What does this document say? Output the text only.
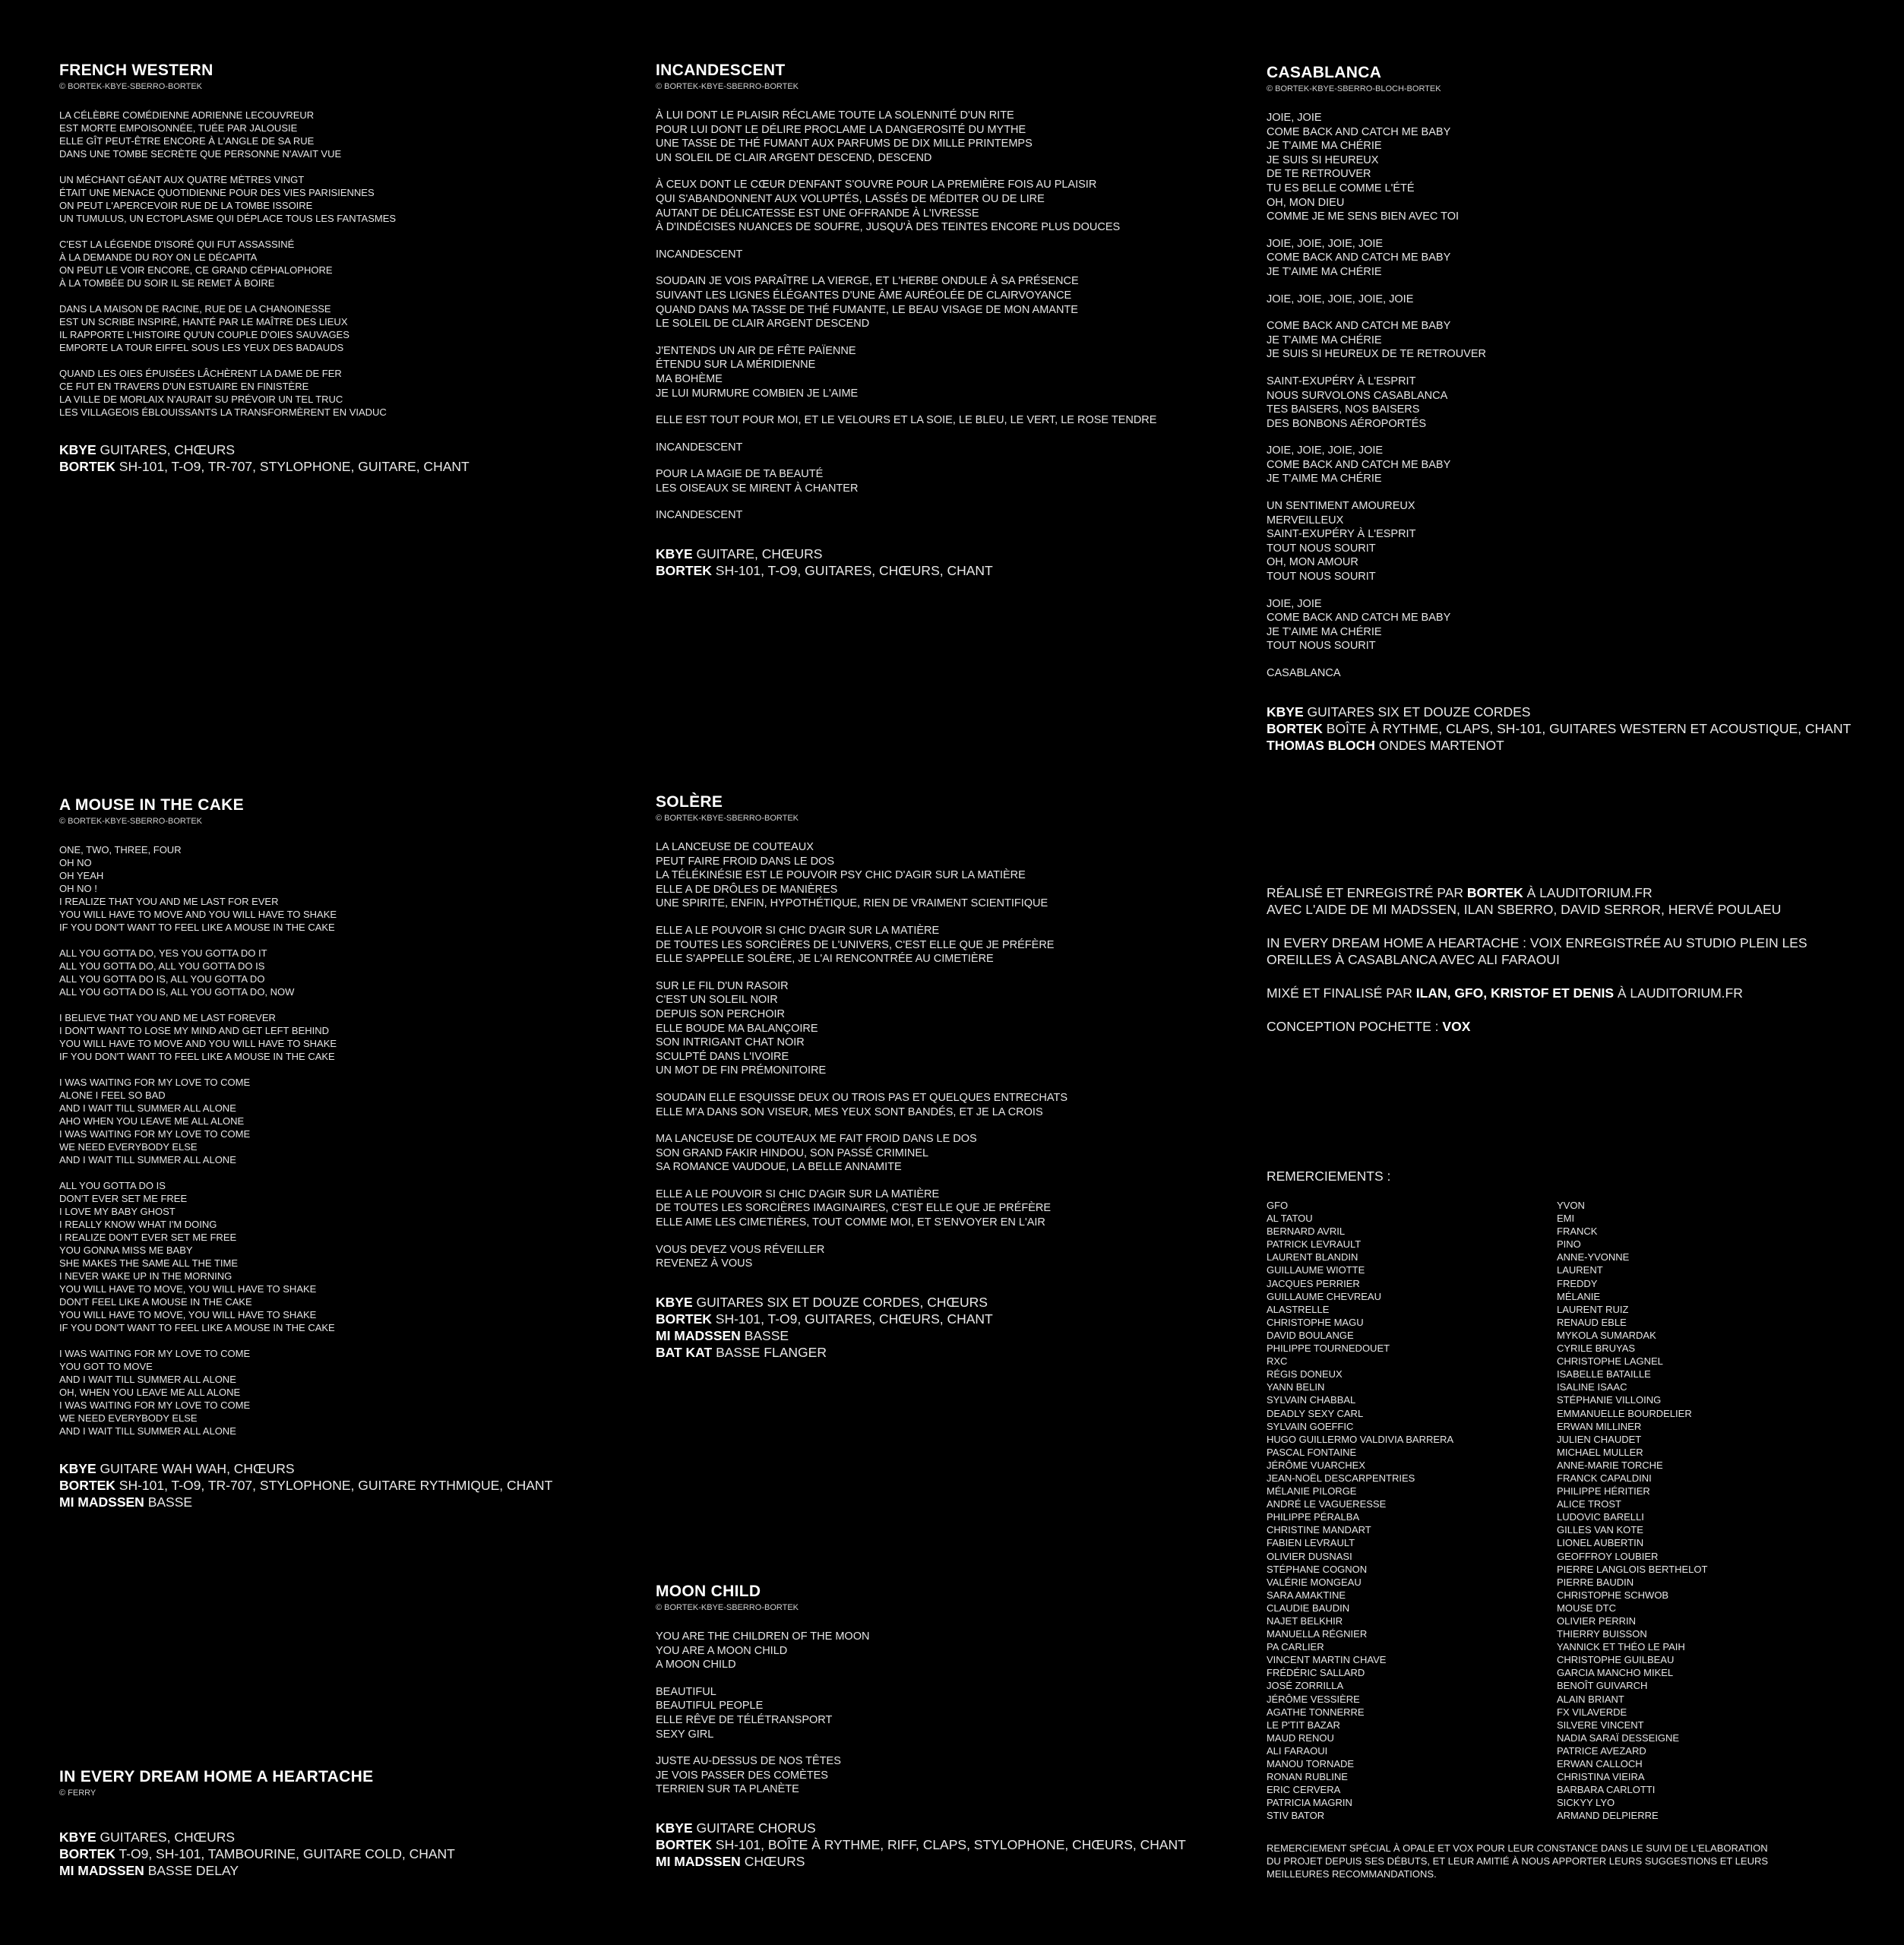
FRENCH WESTERN
© BORTEK-KBYE-SBERRO-BORTEK
LA CÉLÈBRE COMÉDIENNE ADRIENNE LECOUVREUR
EST MORTE EMPOISONNÉE, TUÉE PAR JALOUSIE
ELLE GÎT PEUT-ÊTRE ENCORE À L'ANGLE DE SA RUE
DANS UNE TOMBE SECRÈTE QUE PERSONNE N'AVAIT VUE
UN MÉCHANT GÉANT AUX QUATRE MÈTRES VINGT
ÉTAIT UNE MENACE QUOTIDIENNE POUR DES VIES PARISIENNES
ON PEUT L'APERCEVOIR RUE DE LA TOMBE ISSOIRE
UN TUMULUS, UN ECTOPLASME QUI DÉPLACE TOUS LES FANTASMES
C'EST LA LÉGENDE D'ISORÉ QUI FUT ASSASSINÉ
À LA DEMANDE DU ROY ON LE DÉCAPITA
ON PEUT LE VOIR ENCORE, CE GRAND CÉPHALOPHORE
À LA TOMBÉE DU SOIR IL SE REMET À BOIRE
DANS LA MAISON DE RACINE, RUE DE LA CHANOINESSE
EST UN SCRIBE INSPIRÉ, HANTÉ PAR LE MAÎTRE DES LIEUX
IL RAPPORTE L'HISTOIRE QU'UN COUPLE D'OIES SAUVAGES
EMPORTE LA TOUR EIFFEL SOUS LES YEUX DES BADAUDS
QUAND LES OIES ÉPUISÉES LÂCHÈRENT LA DAME DE FER
CE FUT EN TRAVERS D'UN ESTUAIRE EN FINISTÈRE
LA VILLE DE MORLAIX N'AURAIT SU PRÉVOIR UN TEL TRUC
LES VILLAGEOIS ÉBLOUISSANTS LA TRANSFORMÈRENT EN VIADUC
KBYE GUITARES, CHŒURS
BORTEK SH-101, T-O9, TR-707, STYLOPHONE, GUITARE, CHANT
INCANDESCENT
© BORTEK-KBYE-SBERRO-BORTEK
À LUI DONT LE PLAISIR RÉCLAME TOUTE LA SOLENNITÉ D'UN RITE
POUR LUI DONT LE DÉLIRE PROCLAME LA DANGEROSITÉ DU MYTHE
UNE TASSE DE THÉ FUMANT AUX PARFUMS DE DIX MILLE PRINTEMPS
UN SOLEIL DE CLAIR ARGENT DESCEND, DESCEND
À CEUX DONT LE CŒUR D'ENFANT S'OUVRE POUR LA PREMIÈRE FOIS AU PLAISIR
QUI S'ABANDONNENT AUX VOLUPTÉS, LASSÉS DE MÉDITER OU DE LIRE
AUTANT DE DÉLICATESSE EST UNE OFFRANDE À L'IVRESSE
À D'INDÉCISES NUANCES DE SOUFRE, JUSQU'À DES TEINTES ENCORE PLUS DOUCES
INCANDESCENT
SOUDAIN JE VOIS PARAÎTRE LA VIERGE, ET L'HERBE ONDULE À SA PRÉSENCE
SUIVANT LES LIGNES ÉLÉGANTES D'UNE ÂME AURÉOLÉE DE CLAIRVOYANCE
QUAND DANS MA TASSE DE THÉ FUMANTE, LE BEAU VISAGE DE MON AMANTE
LE SOLEIL DE CLAIR ARGENT DESCEND
J'ENTENDS UN AIR DE FÊTE PAÏENNE
ÉTENDU SUR LA MÉRIDIENNE
MA BOHÈME
JE LUI MURMURE COMBIEN JE L'AIME
ELLE EST TOUT POUR MOI, ET LE VELOURS ET LA SOIE, LE BLEU, LE VERT, LE ROSE TENDRE
INCANDESCENT
POUR LA MAGIE DE TA BEAUTÉ
LES OISEAUX SE MIRENT À CHANTER
INCANDESCENT
KBYE GUITARE, CHŒURS
BORTEK SH-101, T-O9, GUITARES, CHŒURS, CHANT
CASABLANCA
© BORTEK-KBYE-SBERRO-BLOCH-BORTEK
JOIE, JOIE
COME BACK AND CATCH ME BABY
JE T'AIME MA CHÉRIE
JE SUIS SI HEUREUX
DE TE RETROUVER
TU ES BELLE COMME L'ÉTÉ
OH, MON DIEU
COMME JE ME SENS BIEN AVEC TOI
JOIE, JOIE, JOIE, JOIE
COME BACK AND CATCH ME BABY
JE T'AIME MA CHÉRIE
JOIE, JOIE, JOIE, JOIE, JOIE
COME BACK AND CATCH ME BABY
JE T'AIME MA CHÉRIE
JE SUIS SI HEUREUX DE TE RETROUVER
SAINT-EXUPÉRY À L'ESPRIT
NOUS SURVOLONS CASABLANCA
TES BAISERS, NOS BAISERS
DES BONBONS AÉROPORTÉS
JOIE, JOIE, JOIE, JOIE
COME BACK AND CATCH ME BABY
JE T'AIME MA CHÉRIE
UN SENTIMENT AMOUREUX
MERVEILLEUX
SAINT-EXUPÉRY À L'ESPRIT
TOUT NOUS SOURIT
OH, MON AMOUR
TOUT NOUS SOURIT
JOIE, JOIE
COME BACK AND CATCH ME BABY
JE T'AIME MA CHÉRIE
TOUT NOUS SOURIT
CASABLANCA
KBYE GUITARES SIX ET DOUZE CORDES
BORTEK BOÎTE À RYTHME, CLAPS, SH-101, GUITARES WESTERN ET ACOUSTIQUE, CHANT
THOMAS BLOCH ONDES MARTENOT
A MOUSE IN THE CAKE
© BORTEK-KBYE-SBERRO-BORTEK
ONE, TWO, THREE, FOUR
OH NO
OH YEAH
OH NO !
I REALIZE THAT YOU AND ME LAST FOR EVER
YOU WILL HAVE TO MOVE AND YOU WILL HAVE TO SHAKE
IF YOU DON'T WANT TO FEEL LIKE A MOUSE IN THE CAKE
ALL YOU GOTTA DO, YES YOU GOTTA DO IT
ALL YOU GOTTA DO, ALL YOU GOTTA DO IS
ALL YOU GOTTA DO IS, ALL YOU GOTTA DO
ALL YOU GOTTA DO IS, ALL YOU GOTTA DO, NOW
I BELIEVE THAT YOU AND ME LAST FOREVER
I DON'T WANT TO LOSE MY MIND AND GET LEFT BEHIND
YOU WILL HAVE TO MOVE AND YOU WILL HAVE TO SHAKE
IF YOU DON'T WANT TO FEEL LIKE A MOUSE IN THE CAKE
I WAS WAITING FOR MY LOVE TO COME
ALONE I FEEL SO BAD
AND I WAIT TILL SUMMER ALL ALONE
AHO WHEN YOU LEAVE ME ALL ALONE
I WAS WAITING FOR MY LOVE TO COME
WE NEED EVERYBODY ELSE
AND I WAIT TILL SUMMER ALL ALONE
ALL YOU GOTTA DO IS
DON'T EVER SET ME FREE
I LOVE MY BABY GHOST
I REALLY KNOW WHAT I'M DOING
I REALIZE DON'T EVER SET ME FREE
YOU GONNA MISS ME BABY
SHE MAKES THE SAME ALL THE TIME
I NEVER WAKE UP IN THE MORNING
YOU WILL HAVE TO MOVE, YOU WILL HAVE TO SHAKE
DON'T FEEL LIKE A MOUSE IN THE CAKE
YOU WILL HAVE TO MOVE, YOU WILL HAVE TO SHAKE
IF YOU DON'T WANT TO FEEL LIKE A MOUSE IN THE CAKE
I WAS WAITING FOR MY LOVE TO COME
YOU GOT TO MOVE
AND I WAIT TILL SUMMER ALL ALONE
OH, WHEN YOU LEAVE ME ALL ALONE
I WAS WAITING FOR MY LOVE TO COME
WE NEED EVERYBODY ELSE
AND I WAIT TILL SUMMER ALL ALONE
KBYE GUITARE WAH WAH, CHŒURS
BORTEK SH-101, T-O9, TR-707, STYLOPHONE, GUITARE RYTHMIQUE, CHANT
MI MADSSEN BASSE
SOLÈRE
© BORTEK-KBYE-SBERRO-BORTEK
LA LANCEUSE DE COUTEAUX
PEUT FAIRE FROID DANS LE DOS
LA TÉLÉKINÉSIE EST LE POUVOIR PSY CHIC D'AGIR SUR LA MATIÈRE
ELLE A DE DRÔLES DE MANIÈRES
UNE SPIRITE, ENFIN, HYPOTHÉTIQUE, RIEN DE VRAIMENT SCIENTIFIQUE
ELLE A LE POUVOIR SI CHIC D'AGIR SUR LA MATIÈRE
DE TOUTES LES SORCIÈRES DE L'UNIVERS, C'EST ELLE QUE JE PRÉFÈRE
ELLE S'APPELLE SOLÈRE, JE L'AI RENCONTRÉE AU CIMETIÈRE
SUR LE FIL D'UN RASOIR
C'EST UN SOLEIL NOIR
DEPUIS SON PERCHOIR
ELLE BOUDE MA BALANÇOIRE
SON INTRIGANT CHAT NOIR
SCULPTÉ DANS L'IVOIRE
UN MOT DE FIN PRÉMONITOIRE
SOUDAIN ELLE ESQUISSE DEUX OU TROIS PAS ET QUELQUES ENTRECHATS
ELLE M'A DANS SON VISEUR, MES YEUX SONT BANDÉS, ET JE LA CROIS
MA LANCEUSE DE COUTEAUX ME FAIT FROID DANS LE DOS
SON GRAND FAKIR HINDOU, SON PASSÉ CRIMINEL
SA ROMANCE VAUDOUE, LA BELLE ANNAMITE
ELLE A LE POUVOIR SI CHIC D'AGIR SUR LA MATIÈRE
DE TOUTES LES SORCIÈRES IMAGINAIRES, C'EST ELLE QUE JE PRÉFÈRE
ELLE AIME LES CIMETIÈRES, TOUT COMME MOI, ET S'ENVOYER EN L'AIR
VOUS DEVEZ VOUS RÉVEILLER
REVENEZ À VOUS
KBYE GUITARES SIX ET DOUZE CORDES, CHŒURS
BORTEK SH-101, T-O9, GUITARES, CHŒURS, CHANT
MI MADSSEN BASSE
BAT KAT BASSE FLANGER
MOON CHILD
© BORTEK-KBYE-SBERRO-BORTEK
YOU ARE THE CHILDREN OF THE MOON
YOU ARE A MOON CHILD
A MOON CHILD
BEAUTIFUL
BEAUTIFUL PEOPLE
ELLE RÊVE DE TÉLÉTRANSPORT
SEXY GIRL
JUSTE AU-DESSUS DE NOS TÊTES
JE VOIS PASSER DES COMÈTES
TERRIEN SUR TA PLANÈTE
KBYE GUITARE CHORUS
BORTEK SH-101, BOÎTE À RYTHME, RIFF, CLAPS, STYLOPHONE, CHŒURS, CHANT
MI MADSSEN CHŒURS
IN EVERY DREAM HOME A HEARTACHE
© FERRY
KBYE GUITARES, CHŒURS
BORTEK T-O9, SH-101, TAMBOURINE, GUITARE COLD, CHANT
MI MADSSEN BASSE DELAY

RÉALISÉ ET ENREGISTRÉ PAR BORTEK À LAUDITORIUM.FR
AVEC L'AIDE DE MI MADSSEN, ILAN SBERRO, DAVID SERROR, HERVÉ POULAEU

IN EVERY DREAM HOME A HEARTACHE : VOIX ENREGISTRÉE AU STUDIO PLEIN LES OREILLES À CASABLANCA AVEC ALI FARAOUI

MIXÉ ET FINALISÉ PAR ILAN, GFO, KRISTOF ET DENIS À LAUDITORIUM.FR

CONCEPTION POCHETTE : VOX

REMERCIEMENTS :
GFO
AL TATOU
BERNARD AVRIL
PATRICK LEVRAULT
LAURENT BLANDIN
GUILLAUME WIOTTE
JACQUES PERRIER
GUILLAUME CHEVREAU
ALASTRELLE
CHRISTOPHE MAGU
DAVID BOULANGE
PHILIPPE TOURNEDOUET
RXC
RÉGIS DONEUX
YANN BELIN
SYLVAIN CHABBAL
DEADLY SEXY CARL
SYLVAIN GOEFFIC
HUGO GUILLERMO VALDIVIA BARRERA
PASCAL FONTAINE
JÉRÔME VUARCHEX
JEAN-NOËL DESCARPENTRIES
MÉLANIE PILORGE
ANDRÉ LE VAGUERESSE
PHILIPPE PÉRALBA
CHRISTINE MANDART
FABIEN LEVRAULT
OLIVIER DUSNASI
STÉPHANE COGNON
VALÉRIE MONGEAU
SARA AMAKTINE
CLAUDIE BAUDIN
NAJET BELKHIR
MANUELLA RÉGNIER
PA CARLIER
VINCENT MARTIN CHAVE
FRÉDÉRIC SALLARD
JOSÉ ZORRILLA
JÉRÔME VESSIÈRE
AGATHE TONNERRE
LE P'TIT BAZAR
MAUD RENOU
ALI FARAOUI
MANOU TORNADE
RONAN RUBLINE
ERIC CERVERA
PATRICIA MAGRIN
STIV BATOR
YVON
EMI
FRANCK
PINO
ANNE-YVONNE
LAURENT
FREDDY
MÉLANIE
LAURENT RUIZ
RENAUD EBLE
MYKOLA SUMARDAK
CYRILE BRUYAS
CHRISTOPHE LAGNEL
ISABELLE BATAILLE
ISALINE ISAAC
STÉPHANIE VILLOING
EMMANUELLE BOURDELIER
ERWAN MILLINER
JULIEN CHAUDET
MICHAEL MULLER
ANNE-MARIE TORCHE
FRANCK CAPALDINI
PHILIPPE HÉRITIER
ALICE TROST
LUDOVIC BARELLI
GILLES VAN KOTE
LIONEL AUBERTIN
GEOFFROY LOUBIER
PIERRE LANGLOIS BERTHELOT
PIERRE BAUDIN
CHRISTOPHE SCHWOB
MOUSE DTC
OLIVIER PERRIN
THIERRY BUISSON
YANNICK ET THÉO LE PAIH
CHRISTOPHE GUILBEAU
GARCIA MANCHO MIKEL
BENOÎT GUIVARCH
ALAIN BRIANT
FX VILAVERDE
SILVERE VINCENT
NADIA SARAÏ DESSEIGNE
PATRICE AVEZARD
ERWAN CALLOCH
CHRISTINA VIEIRA
BARBARA CARLOTTI
SICKYY LYO
ARMAND DELPIERRE
REMERCIEMENT SPÉCIAL À OPALE ET VOX POUR LEUR CONSTANCE DANS LE SUIVI DE L'ELABORATION DU PROJET DEPUIS SES DÉBUTS, ET LEUR AMITIÉ À NOUS APPORTER LEURS SUGGESTIONS ET LEURS MEILLEURES RECOMMANDATIONS.
